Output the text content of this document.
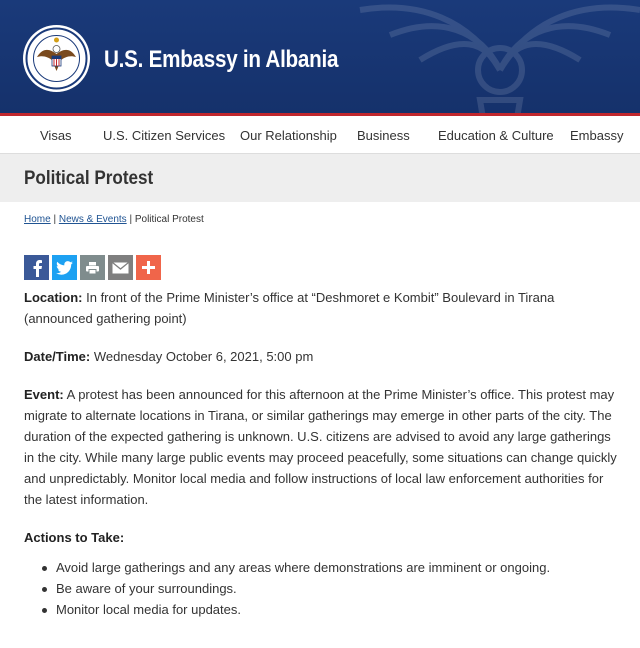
U.S. Embassy in Albania
Visas U.S. Citizen Services Our Relationship Business Education & Culture Embassy
Political Protest
Home | News & Events | Political Protest

Location: In front of the Prime Minister’s office at “Deshmoret e Kombit” Boulevard in Tirana (announced gathering point)

Date/Time: Wednesday October 6, 2021, 5:00 pm

Event: A protest has been announced for this afternoon at the Prime Minister’s office. This protest may migrate to alternate locations in Tirana, or similar gatherings may emerge in other parts of the city. The duration of the expected gathering is unknown. U.S. citizens are advised to avoid any large gatherings in the city. While many large public events may proceed peacefully, some situations can change quickly and unpredictably. Monitor local media and follow instructions of local law enforcement authorities for the latest information.

Actions to Take:

Avoid large gatherings and any areas where demonstrations are imminent or ongoing.
Be aware of your surroundings.
Monitor local media for updates.
